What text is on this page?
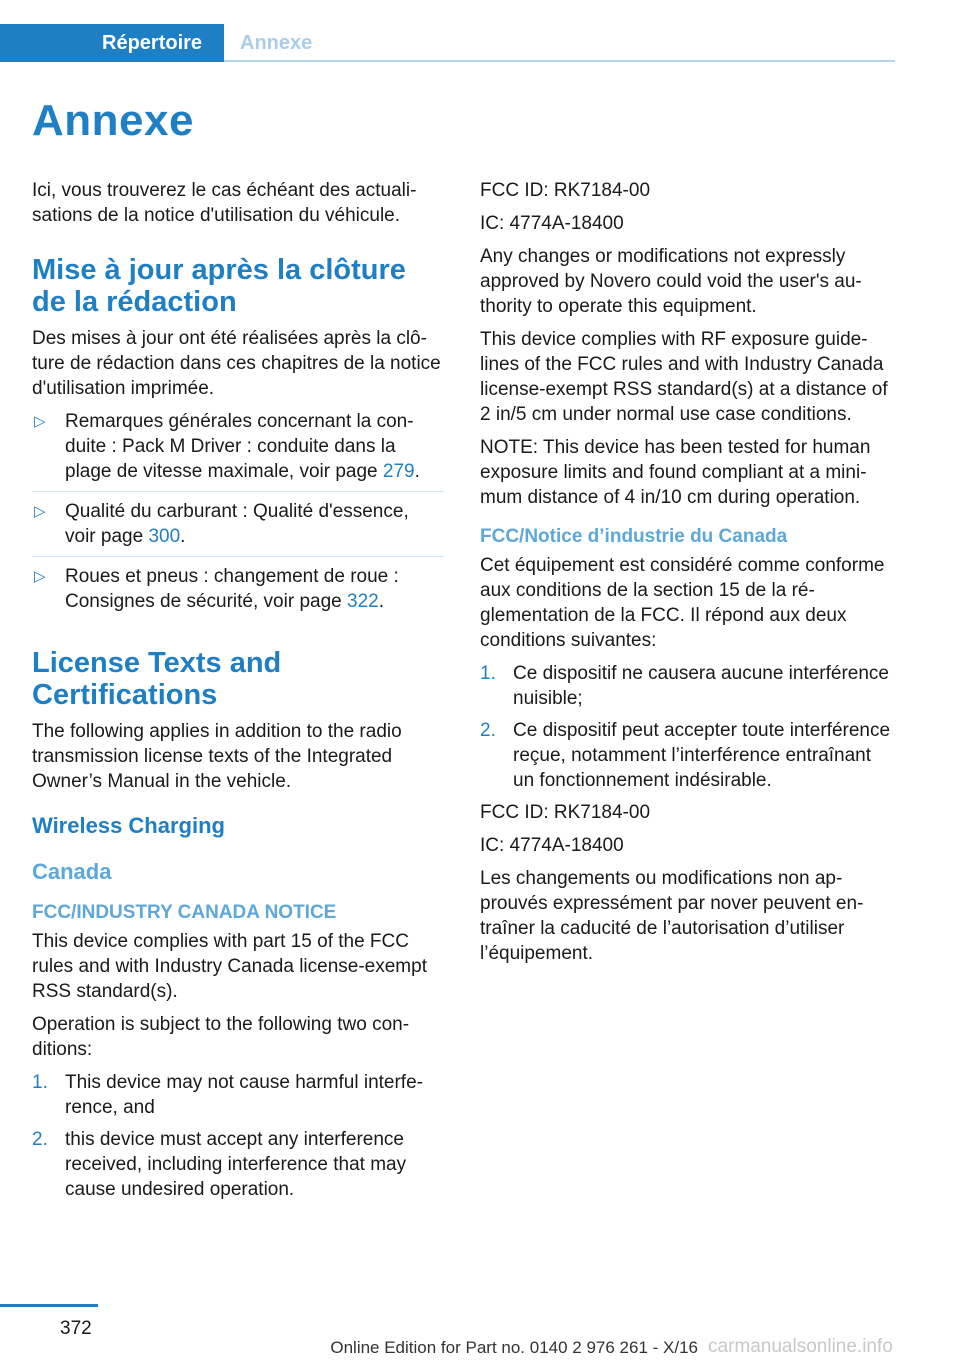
Répertoire	Annexe
Annexe

Ici, vous trouverez le cas échéant des actualisations de la notice d'utilisation du véhicule.

Mise à jour après la clôture de la rédaction

Des mises à jour ont été réalisées après la clôture de rédaction dans ces chapitres de la notice d'utilisation imprimée.

▷ Remarques générales concernant la conduite : Pack M Driver : conduite dans la plage de vitesse maximale, voir page 279.
▷ Qualité du carburant : Qualité d'essence, voir page 300.
▷ Roues et pneus : changement de roue : Consignes de sécurité, voir page 322.
License Texts and Certifications

The following applies in addition to the radio transmission license texts of the Integrated Owner’s Manual in the vehicle.

Wireless Charging
Canada
FCC/INDUSTRY CANADA NOTICE

This device complies with part 15 of the FCC rules and with Industry Canada license-exempt RSS standard(s).

Operation is subject to the following two conditions:

1. This device may not cause harmful interference, and
2. this device must accept any interference received, including interference that may cause undesired operation.

FCC ID: RK7184-00

IC: 4774A-18400

Any changes or modifications not expressly approved by Novero could void the user's authority to operate this equipment.

This device complies with RF exposure guidelines of the FCC rules and with Industry Canada license-exempt RSS standard(s) at a distance of 2 in/5 cm under normal use case conditions.

NOTE: This device has been tested for human exposure limits and found compliant at a minimum distance of 4 in/10 cm during operation.

FCC/Notice d’industrie du Canada

Cet équipement est considéré comme conforme aux conditions de la section 15 de la réglementation de la FCC. Il répond aux deux conditions suivantes:

1. Ce dispositif ne causera aucune interférence nuisible;
2. Ce dispositif peut accepter toute interférence reçue, notamment l’interférence entraînant un fonctionnement indésirable.

FCC ID: RK7184-00

IC: 4774A-18400

Les changements ou modifications non approuvés expressément par nover peuvent entraîner la caducité de l’autorisation d’utiliser l’équipement.

372
Online Edition for Part no. 0140 2 976 261 - X/16 carmanualsonline.info
